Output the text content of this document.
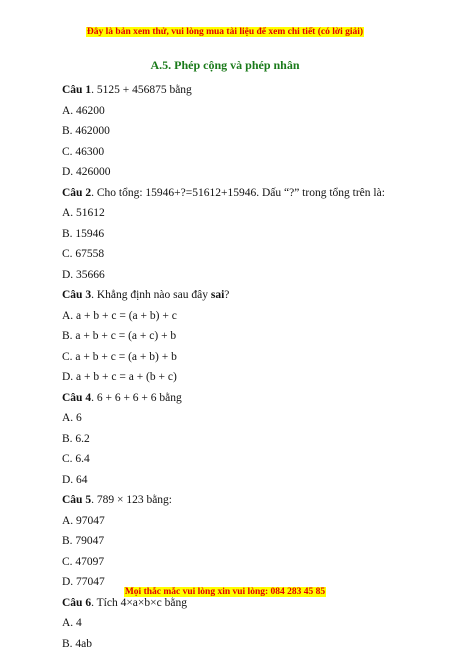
Đây là bản xem thử, vui lòng mua tài liệu để xem chi tiết (có lời giải)
A.5. Phép cộng và phép nhân
Câu 1. 5125 + 456875 bằng
A. 46200
B. 462000
C. 46300
D. 426000
Câu 2. Cho tổng: 15946+?=51612+15946. Dấu “?” trong tổng trên là:
A. 51612
B. 15946
C. 67558
D. 35666
Câu 3. Khẳng định nào sau đây sai?
A. a + b + c = (a + b) + c
B. a + b + c = (a + c) + b
C. a + b + c = (a + b) + b
D. a + b + c = a + (b + c)
Câu 4. 6 + 6 + 6 + 6 bằng
A. 6
B. 6.2
C. 6.4
D. 64
Câu 5. 789 × 123 bằng:
A. 97047
B. 79047
C. 47097
D. 77047
Câu 6. Tích 4×a×b×c bằng
A. 4
B. 4ab
Mọi thắc mắc vui lòng xin vui lòng: 084 283 45 85
